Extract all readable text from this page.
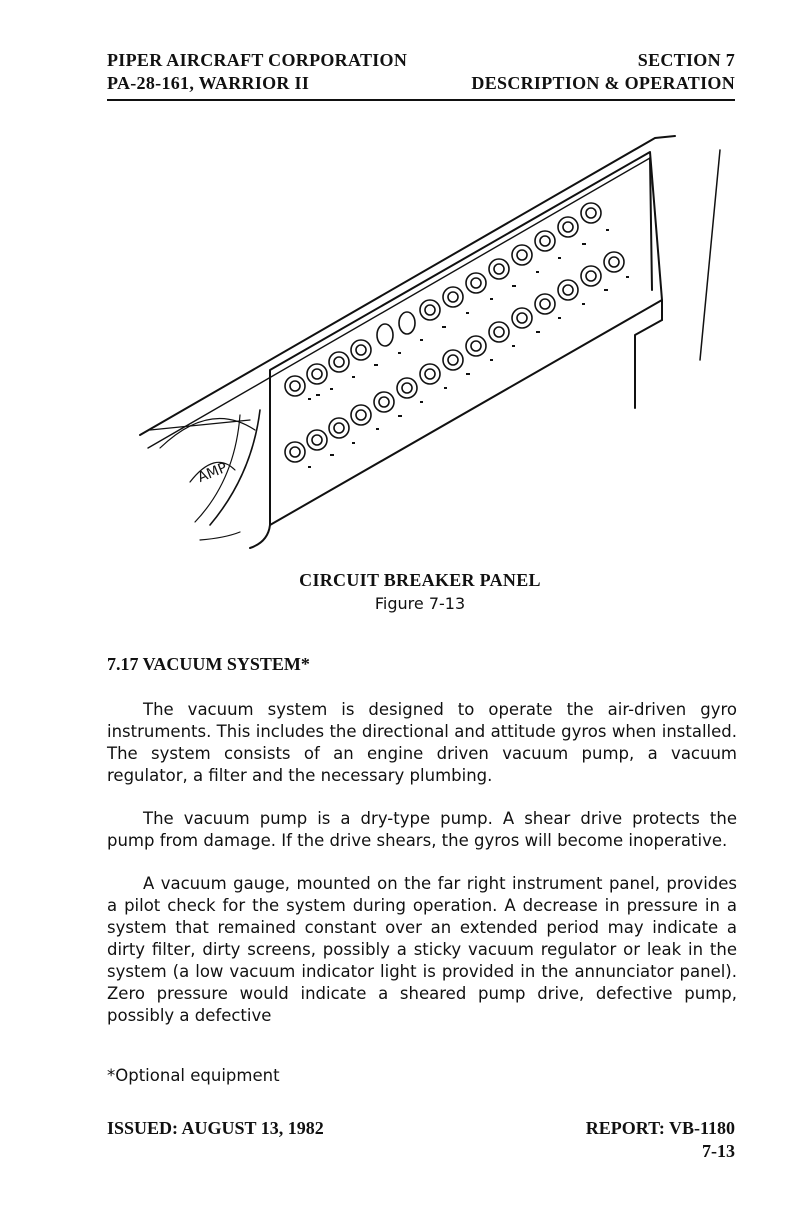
PIPER AIRCRAFT CORPORATION
PA-28-161, WARRIOR II
SECTION 7
DESCRIPTION & OPERATION
AMP
CIRCUIT BREAKER PANEL
Figure 7-13
7.17 VACUUM SYSTEM*

The vacuum system is designed to operate the air-driven gyro instruments. This includes the directional and attitude gyros when installed. The system consists of an engine driven vacuum pump, a vacuum regulator, a filter and the necessary plumbing.

The vacuum pump is a dry-type pump. A shear drive protects the pump from damage. If the drive shears, the gyros will become inoperative.

A vacuum gauge, mounted on the far right instrument panel, provides a pilot check for the system during operation. A decrease in pressure in a system that remained constant over an extended period may indicate a dirty filter, dirty screens, possibly a sticky vacuum regulator or leak in the system (a low vacuum indicator light is provided in the annunciator panel). Zero pressure would indicate a sheared pump drive, defective pump, possibly a defective

*Optional equipment
ISSUED: AUGUST 13, 1982	REPORT: VB-1180
7-13
